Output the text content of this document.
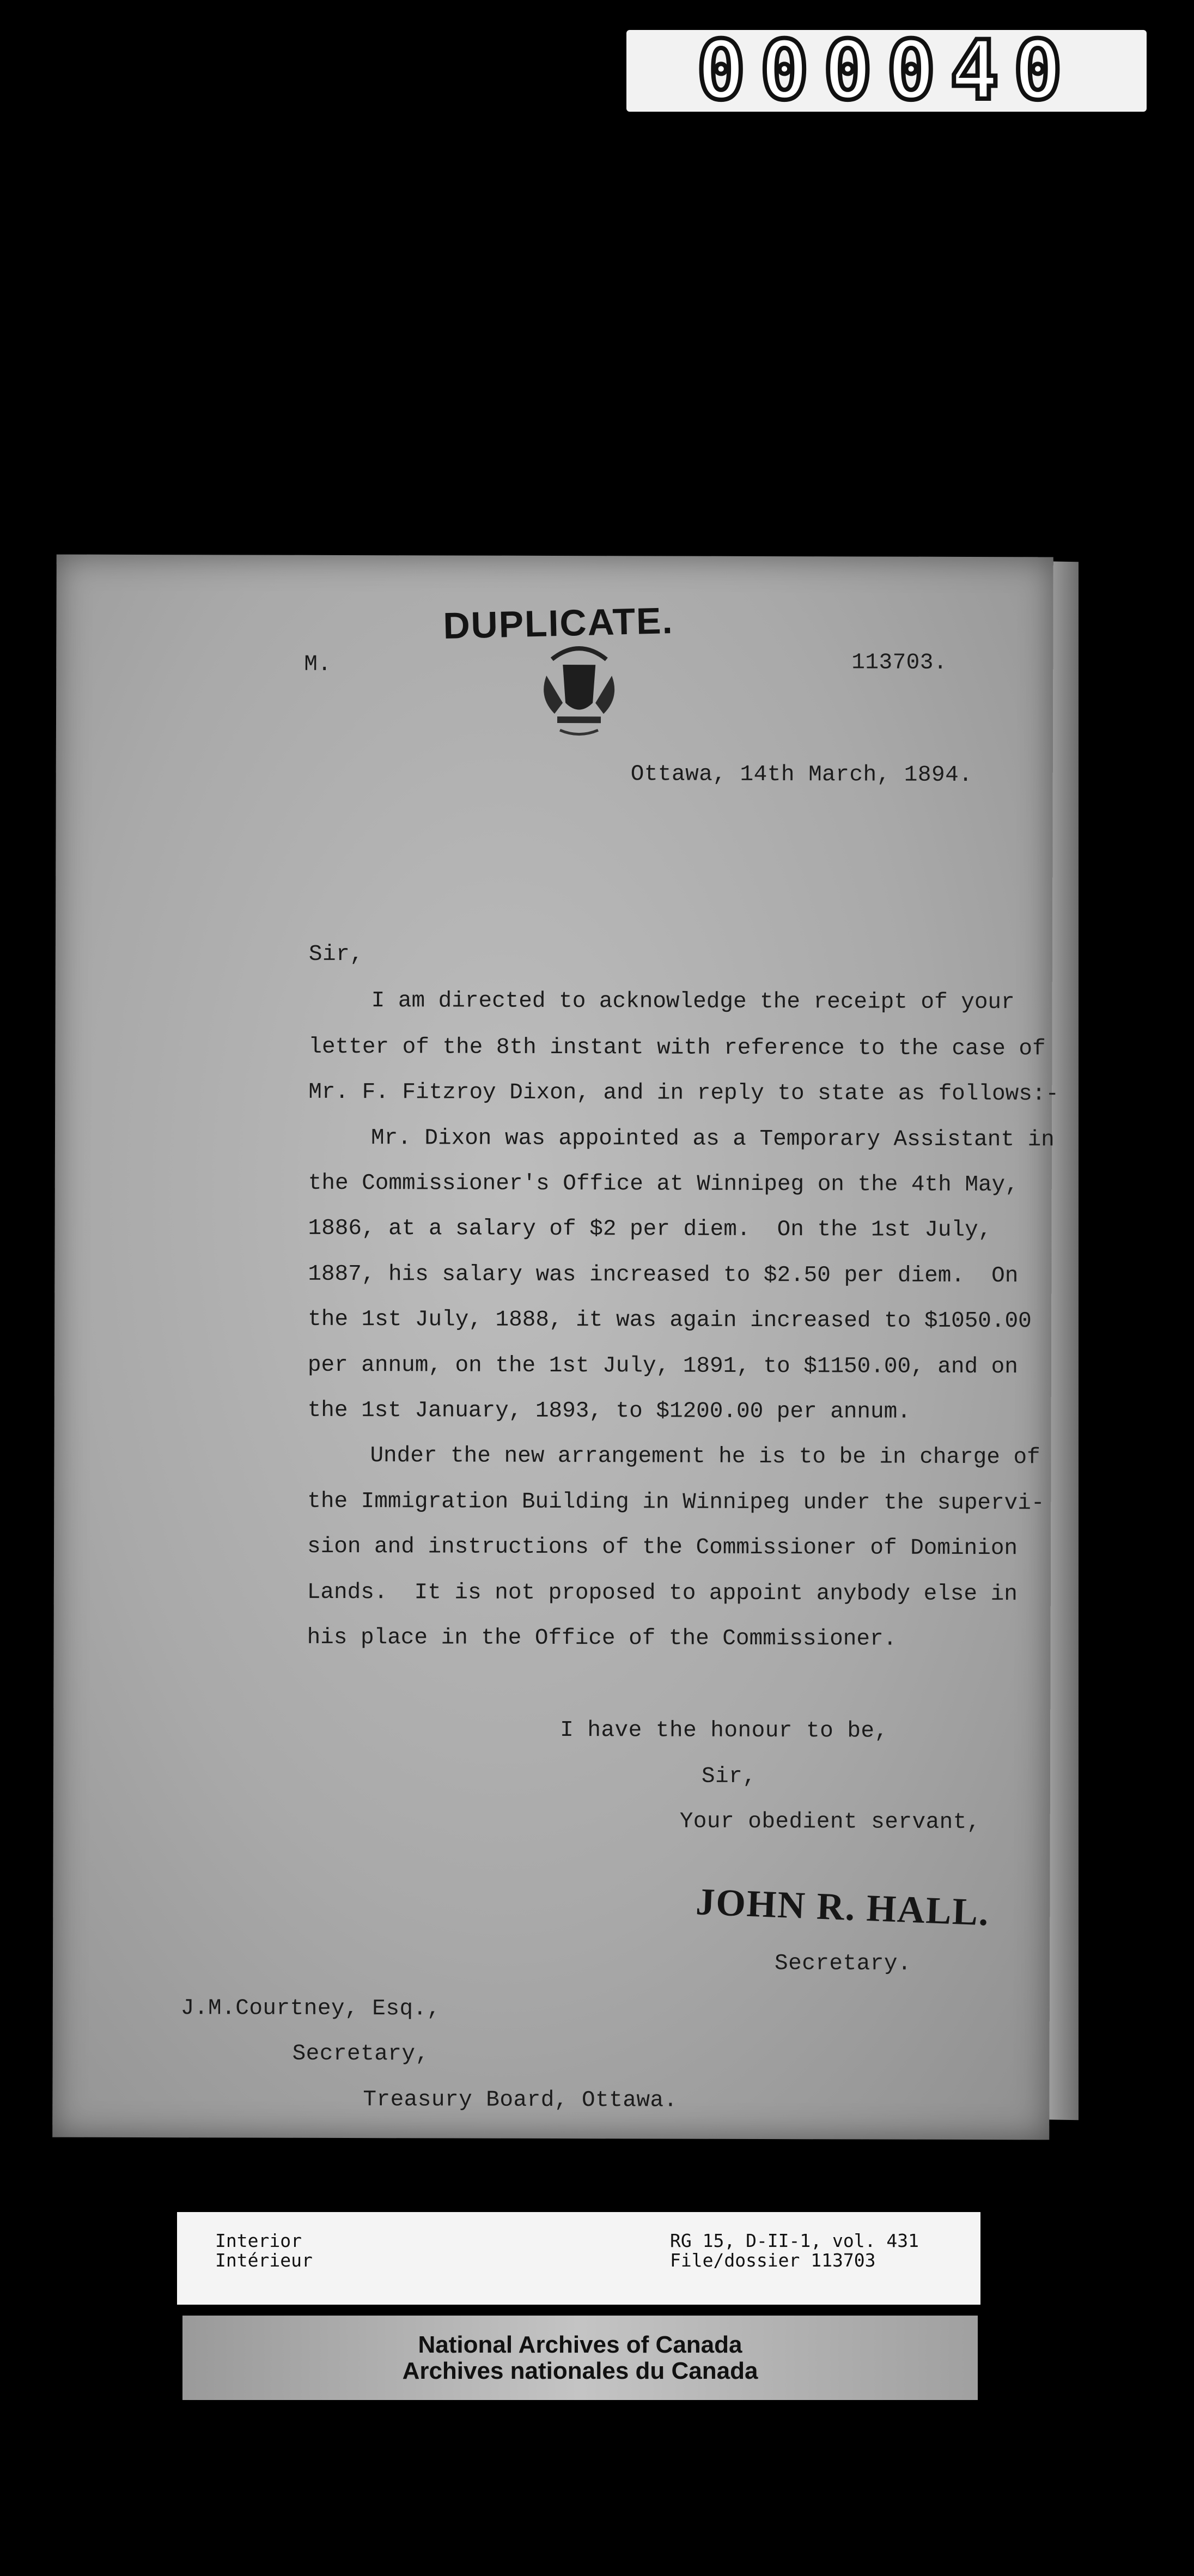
000040
DUPLICATE.
M.	113703.
Ottawa, 14th March, 1894.
Sir,
I am directed to acknowledge the receipt of your
letter of the 8th instant with reference to the case of
Mr. F. Fitzroy Dixon, and in reply to state as follows:-
Mr. Dixon was appointed as a Temporary Assistant in
the Commissioner's Office at Winnipeg on the 4th May,
1886, at a salary of $2 per diem.  On the 1st July,
1887, his salary was increased to $2.50 per diem.  On
the 1st July, 1888, it was again increased to $1050.00
per annum, on the 1st July, 1891, to $1150.00, and on
the 1st January, 1893, to $1200.00 per annum.
Under the new arrangement he is to be in charge of
the Immigration Building in Winnipeg under the supervi-
sion and instructions of the Commissioner of Dominion
Lands.  It is not proposed to appoint anybody else in
his place in the Office of the Commissioner.
I have the honour to be,
Sir,
Your obedient servant,
JOHN R. HALL.
Secretary.
J.M.Courtney, Esq.,
Secretary,
Treasury Board, Ottawa.
Interior
Intérieur
RG 15, D-II-1, vol. 431
File/dossier 113703
National Archives of Canada
Archives nationales du Canada
